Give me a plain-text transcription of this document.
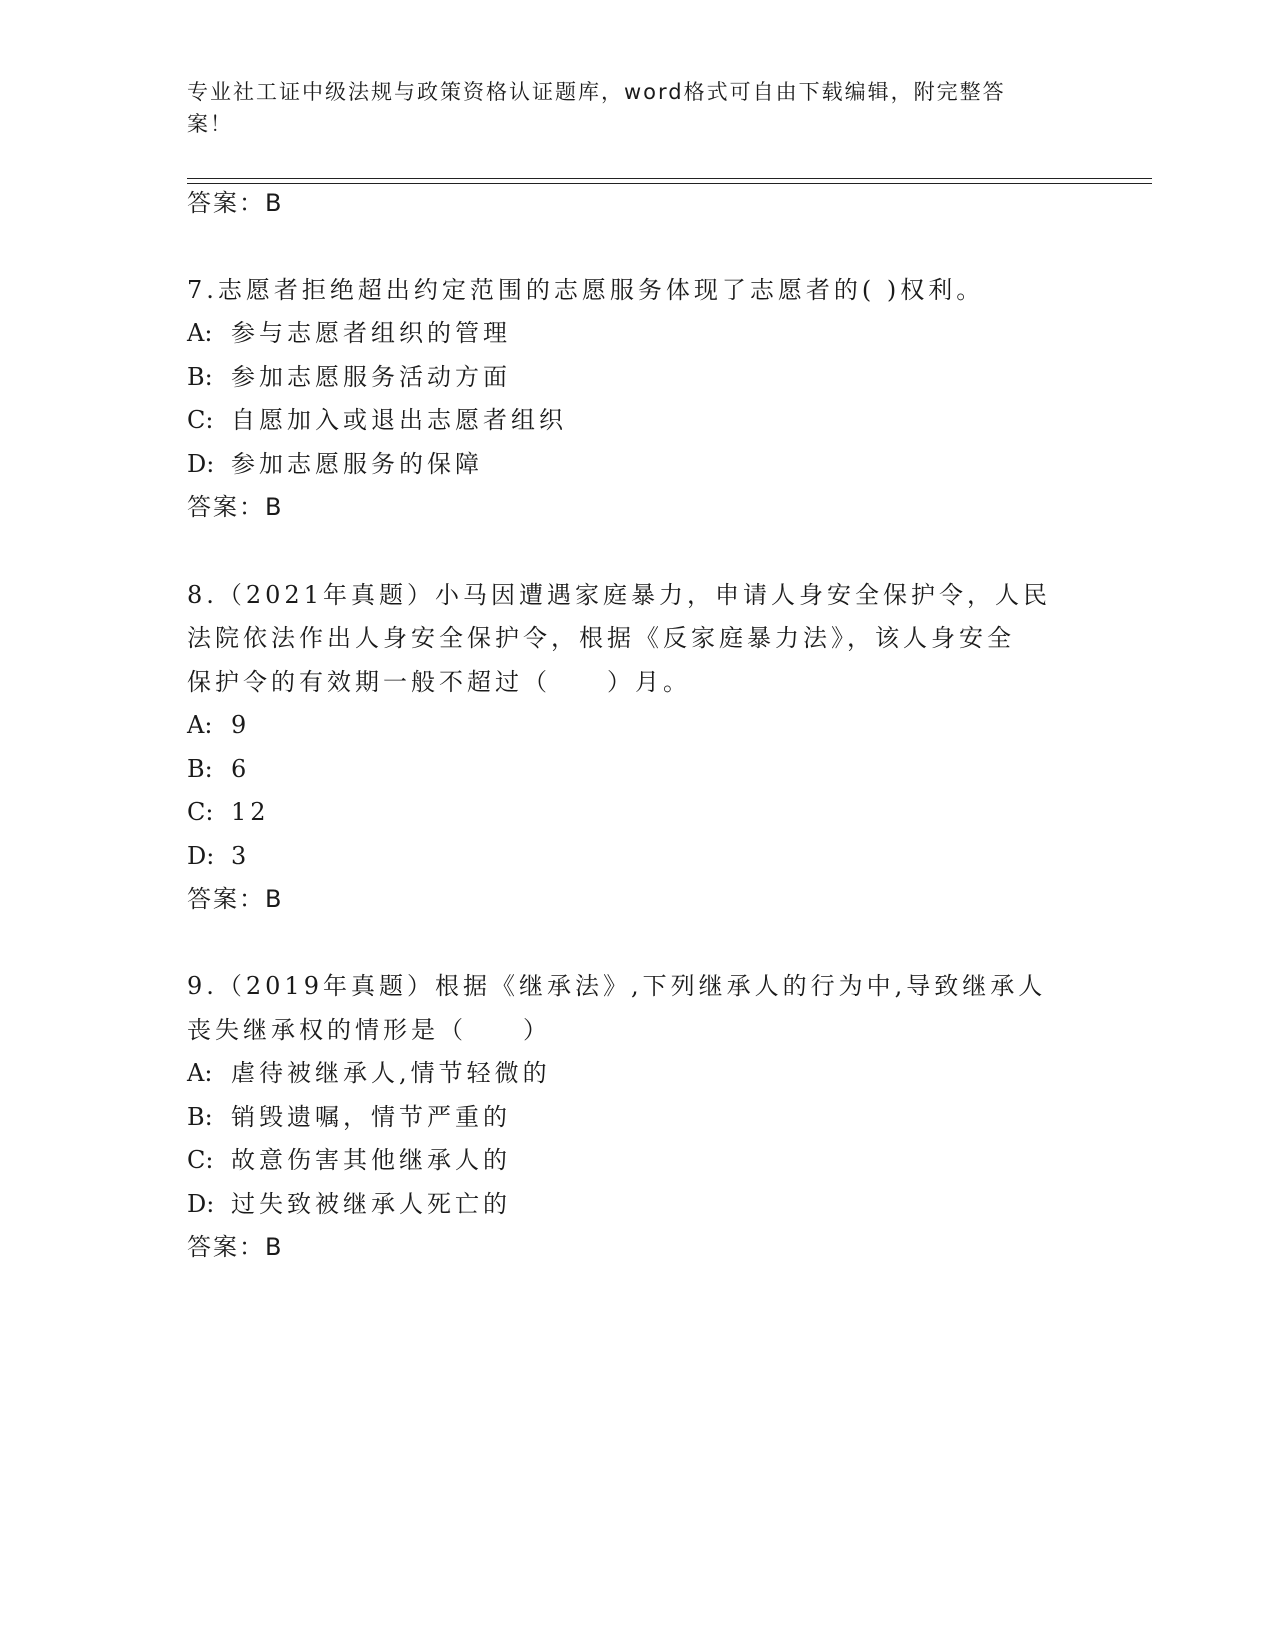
专业社工证中级法规与政策资格认证题库，word格式可自由下载编辑，附完整答
案！
答案：B
7.志愿者拒绝超出约定范围的志愿服务体现了志愿者的( )权利。
A: 参与志愿者组织的管理
B: 参加志愿服务活动方面
C: 自愿加入或退出志愿者组织
D: 参加志愿服务的保障
答案：B
8.（2021年真题）小马因遭遇家庭暴力，申请人身安全保护令，人民
法院依法作出人身安全保护令，根据《反家庭暴力法》，该人身安全
保护令的有效期一般不超过（　　）月。
A: 9
B: 6
C: 12
D: 3
答案：B
9.（2019年真题）根据《继承法》,下列继承人的行为中,导致继承人
丧失继承权的情形是（　　）
A: 虐待被继承人,情节轻微的
B: 销毁遗嘱，情节严重的
C: 故意伤害其他继承人的
D: 过失致被继承人死亡的
答案：B
